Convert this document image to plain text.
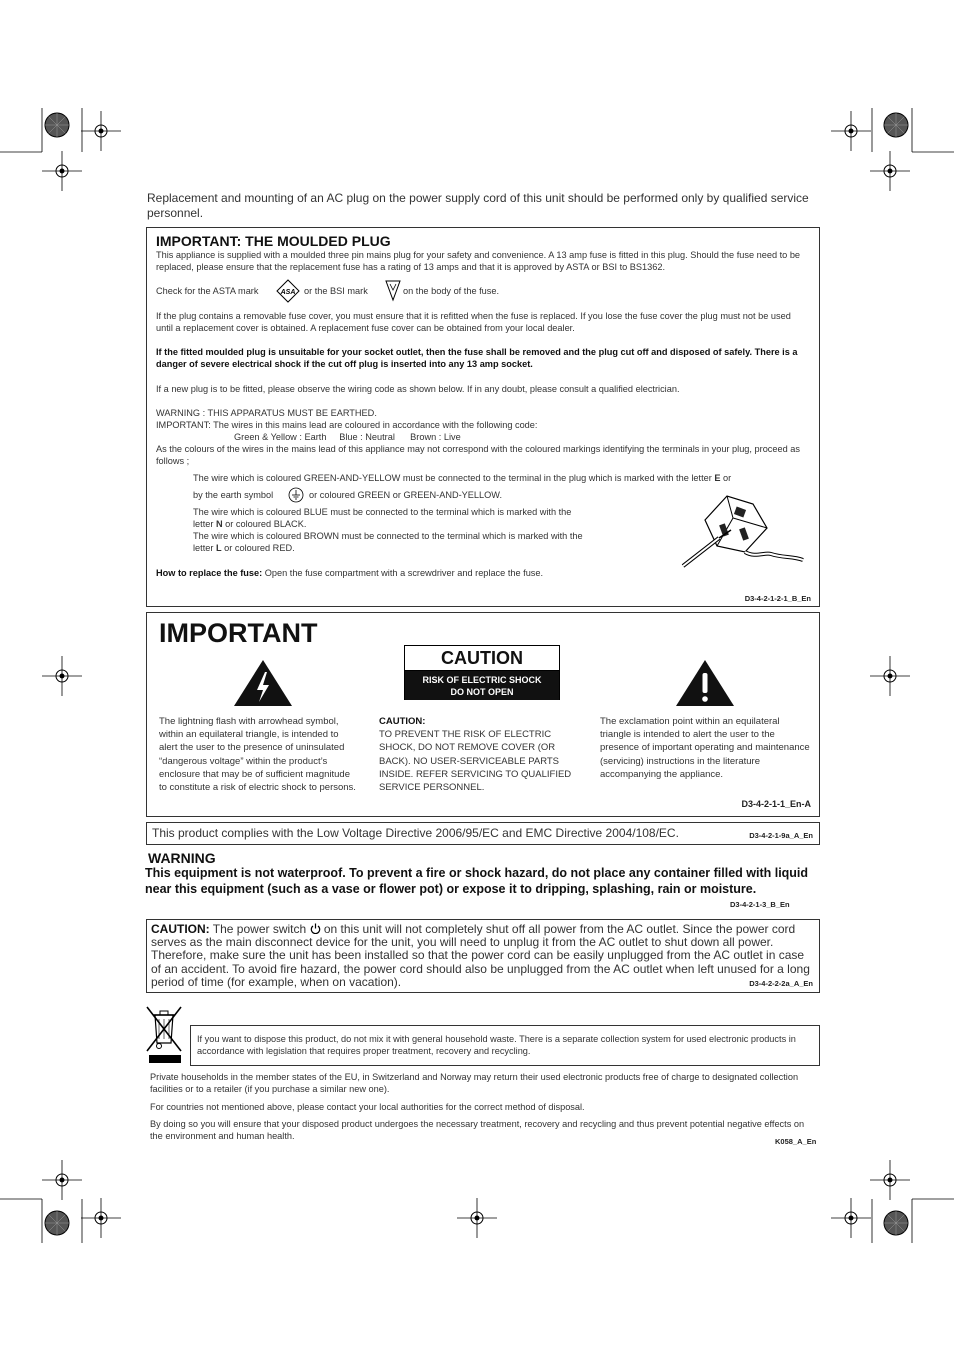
Replacement and mounting of an AC plug on the power supply cord of this unit should be performed only by qualified service personnel.
IMPORTANT: THE MOULDED PLUG
This appliance is supplied with a moulded three pin mains plug for your safety and convenience. A 13 amp fuse is fitted in this plug. Should the fuse need to be replaced, please ensure that the replacement fuse has a rating of 13 amps and that it is approved by ASTA or BSI to BS1362.
Check for the ASTA mark	ASA or the BSI mark	on the body of the fuse.
If the plug contains a removable fuse cover, you must ensure that it is refitted when the fuse is replaced. If you lose the fuse cover the plug must not be used until a replacement cover is obtained. A replacement fuse cover can be obtained from your local dealer.
If the fitted moulded plug is unsuitable for your socket outlet, then the fuse shall be removed and the plug cut off and disposed of safely. There is a danger of severe electrical shock if the cut off plug is inserted into any 13 amp socket.
If a new plug is to be fitted, please observe the wiring code as shown below. If in any doubt, please consult a qualified electrician.
WARNING : THIS APPARATUS MUST BE EARTHED.
IMPORTANT: The wires in this mains lead are coloured in accordance with the following code:
Green & Yellow : Earth     Blue : Neutral      Brown : Live
As the colours of the wires in the mains lead of this appliance may not correspond with the coloured markings identifying the terminals in your plug, proceed as follows ;
The wire which is coloured GREEN-AND-YELLOW must be connected to the terminal in the plug which is marked with the letter E or
by the earth symbol	or coloured GREEN or GREEN-AND-YELLOW.
The wire which is coloured BLUE must be connected to the terminal which is marked with the
letter N or coloured BLACK.
The wire which is coloured BROWN must be connected to the terminal which is marked with the
letter L or coloured RED.
How to replace the fuse: Open the fuse compartment with a screwdriver and replace the fuse.
D3-4-2-1-2-1_B_En
IMPORTANT
The lightning flash with arrowhead symbol, within an equilateral triangle, is intended to alert the user to the presence of uninsulated “dangerous voltage” within the product’s enclosure that may be of sufficient magnitude to constitute a risk of electric shock to persons.
CAUTION:
TO PREVENT THE RISK OF ELECTRIC SHOCK, DO NOT REMOVE COVER (OR BACK). NO USER-SERVICEABLE PARTS INSIDE. REFER SERVICING TO QUALIFIED SERVICE PERSONNEL.
The exclamation point within an equilateral triangle is intended to alert the user to the presence of important operating and maintenance (servicing) instructions in the literature accompanying the appliance.
D3-4-2-1-1_En-A
CAUTION
RISK OF ELECTRIC SHOCK
DO NOT OPEN
This product complies with the Low Voltage Directive 2006/95/EC and EMC Directive 2004/108/EC.	D3-4-2-1-9a_A_En
WARNING
This equipment is not waterproof. To prevent a fire or shock hazard, do not place any container filled with liquid near this equipment (such as a vase or flower pot) or expose it to dripping, splashing, rain or moisture.
D3-4-2-1-3_B_En
CAUTION: The power switch  on this unit will not completely shut off all power from the AC outlet. Since the power cord serves as the main disconnect device for the unit, you will need to unplug it from the AC outlet to shut down all power. Therefore, make sure the unit has been installed so that the power cord can be easily unplugged from the AC outlet in case of an accident. To avoid fire hazard, the power cord should also be unplugged from the AC outlet when left unused for a long period of time (for example, when on vacation).	D3-4-2-2-2a_A_En
If you want to dispose this product, do not mix it with general household waste. There is a separate collection system for used electronic products in accordance with legislation that requires proper treatment, recovery and recycling.
Private households in the member states of the EU, in Switzerland and Norway may return their used electronic products free of charge to designated collection facilities or to a retailer (if you purchase a similar new one).
For countries not mentioned above, please contact your local authorities for the correct method of disposal.
By doing so you will ensure that your disposed product undergoes the necessary treatment, recovery and recycling and thus prevent potential negative effects on the environment and human health.
K058_A_En
